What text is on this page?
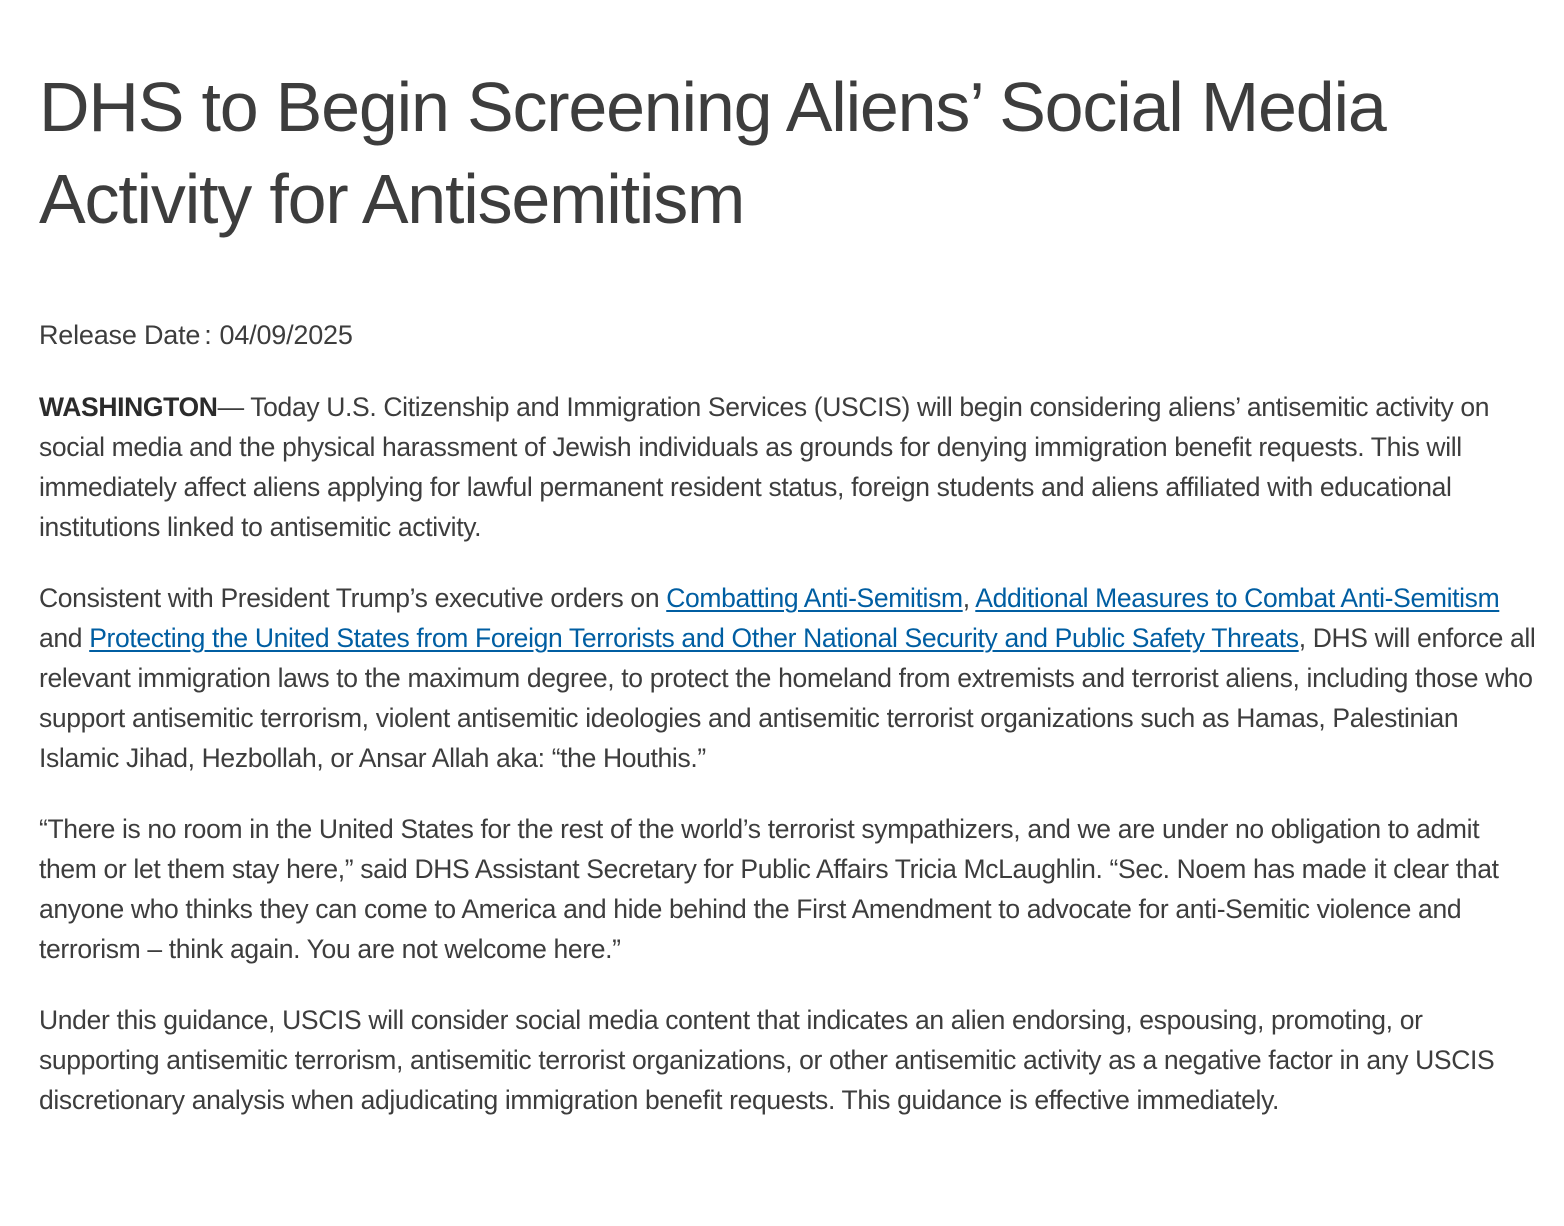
DHS to Begin Screening Aliens’ Social Media Activity for Antisemitism
Release Date : 04/09/2025

WASHINGTON— Today U.S. Citizenship and Immigration Services (USCIS) will begin considering aliens’ antisemitic activity on social media and the physical harassment of Jewish individuals as grounds for denying immigration benefit requests. This will immediately affect aliens applying for lawful permanent resident status, foreign students and aliens affiliated with educational institutions linked to antisemitic activity.

Consistent with President Trump’s executive orders on Combatting Anti-Semitism, Additional Measures to Combat Anti-Semitism and Protecting the United States from Foreign Terrorists and Other National Security and Public Safety Threats, DHS will enforce all relevant immigration laws to the maximum degree, to protect the homeland from extremists and terrorist aliens, including those who support antisemitic terrorism, violent antisemitic ideologies and antisemitic terrorist organizations such as Hamas, Palestinian Islamic Jihad, Hezbollah, or Ansar Allah aka: “the Houthis.”

“There is no room in the United States for the rest of the world’s terrorist sympathizers, and we are under no obligation to admit them or let them stay here,” said DHS Assistant Secretary for Public Affairs Tricia McLaughlin. “Sec. Noem has made it clear that anyone who thinks they can come to America and hide behind the First Amendment to advocate for anti-Semitic violence and terrorism – think again. You are not welcome here.”

Under this guidance, USCIS will consider social media content that indicates an alien endorsing, espousing, promoting, or supporting antisemitic terrorism, antisemitic terrorist organizations, or other antisemitic activity as a negative factor in any USCIS discretionary analysis when adjudicating immigration benefit requests. This guidance is effective immediately.
